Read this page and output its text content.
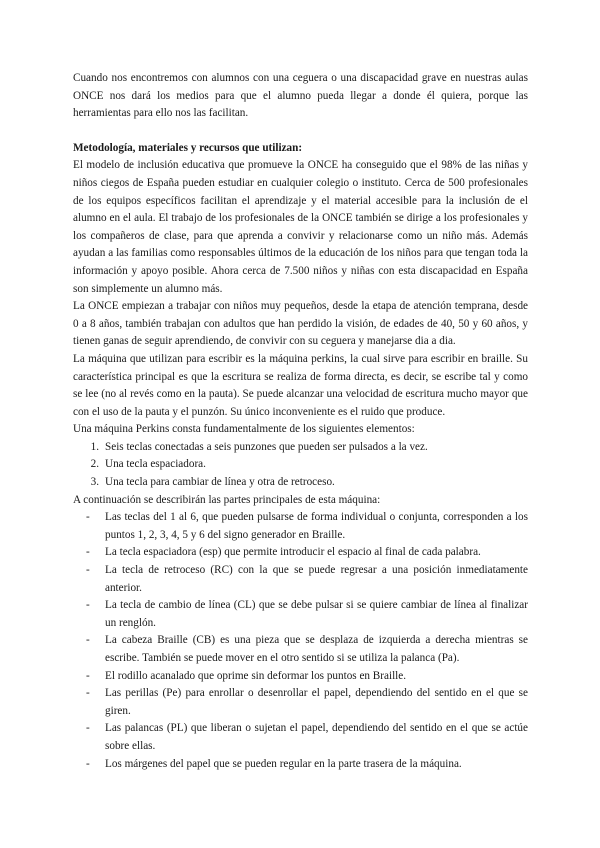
Cuando nos encontremos con alumnos con una ceguera o una discapacidad grave en nuestras aulas ONCE nos dará los medios para que el alumno pueda llegar a donde él quiera, porque las herramientas para ello nos las facilitan.

Metodología, materiales y recursos que utilizan:

El modelo de inclusión educativa que promueve la ONCE ha conseguido que el 98% de las niñas y niños ciegos de España pueden estudiar en cualquier colegio o instituto. Cerca de 500 profesionales de los equipos específicos facilitan el aprendizaje y el material accesible para la inclusión de el alumno en el aula. El trabajo de los profesionales de la ONCE también se dirige a los profesionales y los compañeros de clase, para que aprenda a convivir y relacionarse como un niño más. Además ayudan a las familias como responsables últimos de la educación de los niños para que tengan toda la información y apoyo posible. Ahora cerca de 7.500 niños y niñas con esta discapacidad en España son simplemente un alumno más.

La ONCE empiezan a trabajar con niños muy pequeños, desde la etapa de atención temprana, desde 0 a 8 años, también trabajan con adultos que han perdido la visión, de edades de 40, 50 y 60 años, y tienen ganas de seguir aprendiendo, de convivir con su ceguera y manejarse dia a dia.

La máquina que utilizan para escribir es la máquina perkins, la cual sirve para escribir en braille. Su característica principal es que la escritura se realiza de forma directa, es decir, se escribe tal y como se lee (no al revés como en la pauta). Se puede alcanzar una velocidad de escritura mucho mayor que con el uso de la pauta y el punzón. Su único inconveniente es el ruido que produce.

Una máquina Perkins consta fundamentalmente de los siguientes elementos:

1. Seis teclas conectadas a seis punzones que pueden ser pulsados a la vez.
2. Una tecla espaciadora.
3. Una tecla para cambiar de línea y otra de retroceso.

A continuación se describirán las partes principales de esta máquina:

- Las teclas del 1 al 6, que pueden pulsarse de forma individual o conjunta, corresponden a los puntos 1, 2, 3, 4, 5 y 6 del signo generador en Braille.
- La tecla espaciadora (esp) que permite introducir el espacio al final de cada palabra.
- La tecla de retroceso (RC) con la que se puede regresar a una posición inmediatamente anterior.
- La tecla de cambio de línea (CL) que se debe pulsar si se quiere cambiar de línea al finalizar un renglón.
- La cabeza Braille (CB) es una pieza que se desplaza de izquierda a derecha mientras se escribe. También se puede mover en el otro sentido si se utiliza la palanca (Pa).
- El rodillo acanalado que oprime sin deformar los puntos en Braille.
- Las perillas (Pe) para enrollar o desenrollar el papel, dependiendo del sentido en el que se giren.
- Las palancas (PL) que liberan o sujetan el papel, dependiendo del sentido en el que se actúe sobre ellas.
- Los márgenes del papel que se pueden regular en la parte trasera de la máquina.
